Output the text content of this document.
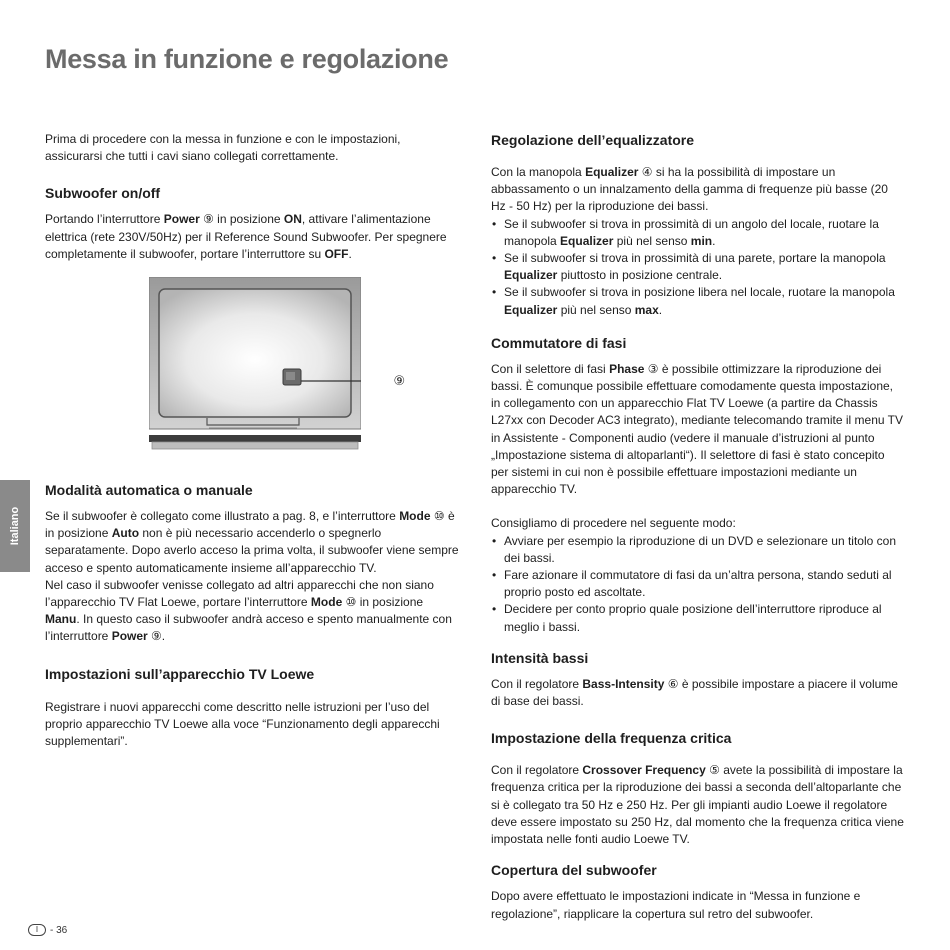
Messa in funzione e regolazione

Prima di procedere con la messa in funzione e con le impostazioni, assicurarsi che tutti i cavi siano collegati correttamente.

Subwoofer on/off

Portando l’interruttore Power ⑨ in posizione ON, attivare l’alimentazione elettrica (rete 230V/50Hz) per il Reference Sound Subwoofer. Per spegnere completamente il subwoofer, portare l’interruttore su OFF.

⑨
Modalità automatica o manuale

Se il subwoofer è collegato come illustrato a pag. 8, e l’interruttore Mode ⑩ è in posizione Auto non è più necessario accenderlo o spegnerlo separatamente. Dopo averlo acceso la prima volta, il subwoofer viene sempre acceso e spento automaticamente insieme all’apparecchio TV.

Nel caso il subwoofer venisse collegato ad altri apparecchi che non siano l’apparecchio TV Flat Loewe, portare l’interruttore Mode ⑩ in posizione Manu. In questo caso il subwoofer andrà acceso e spento manualmente con l’interruttore Power ⑨.

Impostazioni sull’apparecchio TV Loewe

Registrare i nuovi apparecchi come descritto nelle istruzioni per l’uso del proprio apparecchio TV Loewe alla voce “Funzionamento degli apparecchi supplementari”.

Regolazione dell’equalizzatore

Con la manopola Equalizer ④ si ha la possibilità di impostare un abbassamento o un innalzamento della gamma di frequenze più basse (20 Hz - 50 Hz) per la riproduzione dei bassi.

• Se il subwoofer si trova in prossimità di un angolo del locale, ruotare la manopola Equalizer più nel senso min.
• Se il subwoofer si trova in prossimità di una parete, portare la manopola Equalizer piuttosto in posizione centrale.
• Se il subwoofer si trova in posizione libera nel locale, ruotare la manopola Equalizer più nel senso max.
Commutatore di fasi

Con il selettore di fasi Phase ③ è possibile ottimizzare la riproduzione dei bassi. È comunque possibile effettuare comodamente questa impostazione, in collegamento con un apparecchio Flat TV Loewe (a partire da Chassis L27xx con Decoder AC3 integrato), mediante telecomando tramite il menu TV in Assistente - Componenti audio (vedere il manuale d’istruzioni al punto „Impostazione sistema di altoparlanti“). Il selettore di fasi è stato concepito per sistemi in cui non è possibile effettuare impostazioni mediante un apparecchio TV.

Consigliamo di procedere nel seguente modo:

• Avviare per esempio la riproduzione di un DVD e selezionare un titolo con dei bassi.
• Fare azionare il commutatore di fasi da un’altra persona, stando seduti al proprio posto ed ascoltate.
• Decidere per conto proprio quale posizione dell’interruttore riproduce al meglio i bassi.
Intensità bassi

Con il regolatore Bass-Intensity ⑥ è possibile impostare a piacere il volume di base dei bassi.

Impostazione della frequenza critica

Con il regolatore Crossover Frequency ⑤ avete la possibilità di impostare la frequenza critica per la riproduzione dei bassi a seconda dell’altoparlante che si è collegato tra 50 Hz e 250 Hz. Per gli impianti audio Loewe il regolatore deve essere impostato su 250 Hz, dal momento che la frequenza critica viene impostata nelle fonti audio Loewe TV.

Copertura del subwoofer

Dopo avere effettuato le impostazioni indicate in “Messa in funzione e regolazione”, riapplicare la copertura sul retro del subwoofer.

Italiano
I	- 36
